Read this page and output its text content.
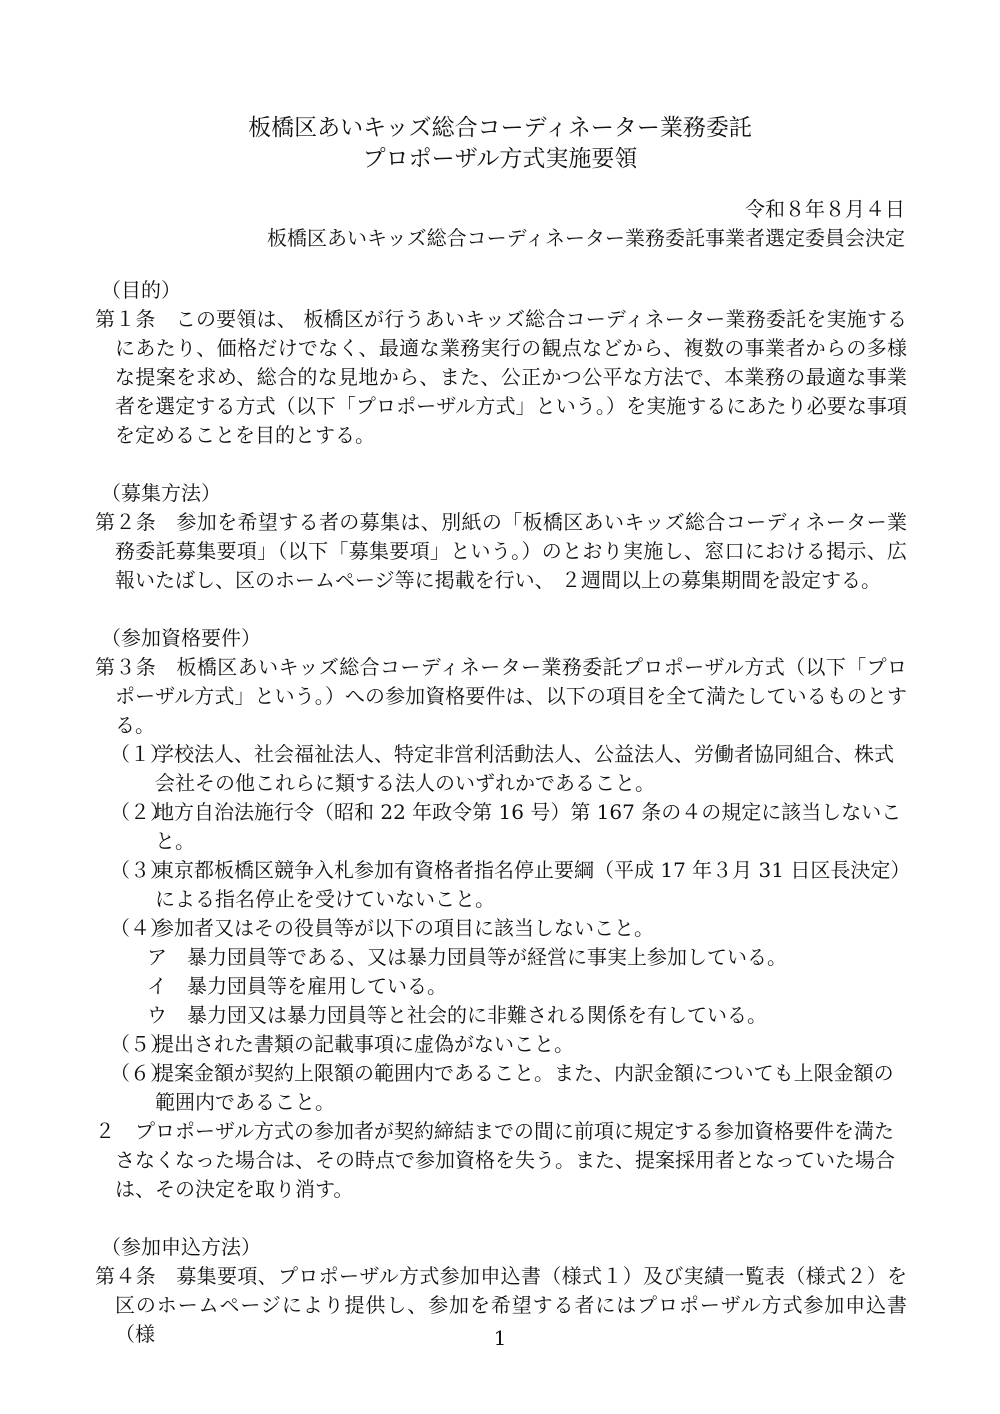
板橋区あいキッズ総合コーディネーター業務委託
プロポーザル方式実施要領
令和８年８月４日
板橋区あいキッズ総合コーディネーター業務委託事業者選定委員会決定

（目的）

第１条　この要領は、 板橋区が行うあいキッズ総合コーディネーター業務委託を実施するにあたり、価格だけでなく、最適な業務実行の観点などから、複数の事業者からの多様な提案を求め、総合的な見地から、また、公正かつ公平な方法で、本業務の最適な事業者を選定する方式（以下「プロポーザル方式」という。）を実施するにあたり必要な事項を定めることを目的とする。

（募集方法）

第２条　参加を希望する者の募集は、別紙の「板橋区あいキッズ総合コーディネーター業務委託募集要項」（以下「募集要項」という。）のとおり実施し、窓口における掲示、広報いたばし、区のホームページ等に掲載を行い、 ２週間以上の募集期間を設定する。

（参加資格要件）

第３条　板橋区あいキッズ総合コーディネーター業務委託プロポーザル方式（以下「プロポーザル方式」という。）への参加資格要件は、以下の項目を全て満たしているものとする。

（１）学校法人、社会福祉法人、特定非営利活動法人、公益法人、労働者協同組合、株式会社その他これらに類する法人のいずれかであること。

（２）地方自治法施行令（昭和 22 年政令第 16 号）第 167 条の４の規定に該当しないこと。

（３）東京都板橋区競争入札参加有資格者指名停止要綱（平成 17 年３月 31 日区長決定）による指名停止を受けていないこと。

（４）参加者又はその役員等が以下の項目に該当しないこと。

ア 暴力団員等である、又は暴力団員等が経営に事実上参加している。

イ 暴力団員等を雇用している。

ウ 暴力団又は暴力団員等と社会的に非難される関係を有している。

（５）提出された書類の記載事項に虚偽がないこと。

（６）提案金額が契約上限額の範囲内であること。また、内訳金額についても上限金額の範囲内であること。

２　プロポーザル方式の参加者が契約締結までの間に前項に規定する参加資格要件を満たさなくなった場合は、その時点で参加資格を失う。また、提案採用者となっていた場合は、その決定を取り消す。

（参加申込方法）

第４条　募集要項、プロポーザル方式参加申込書（様式１）及び実績一覧表（様式２）を区のホームページにより提供し、参加を希望する者にはプロポーザル方式参加申込書（様	1
